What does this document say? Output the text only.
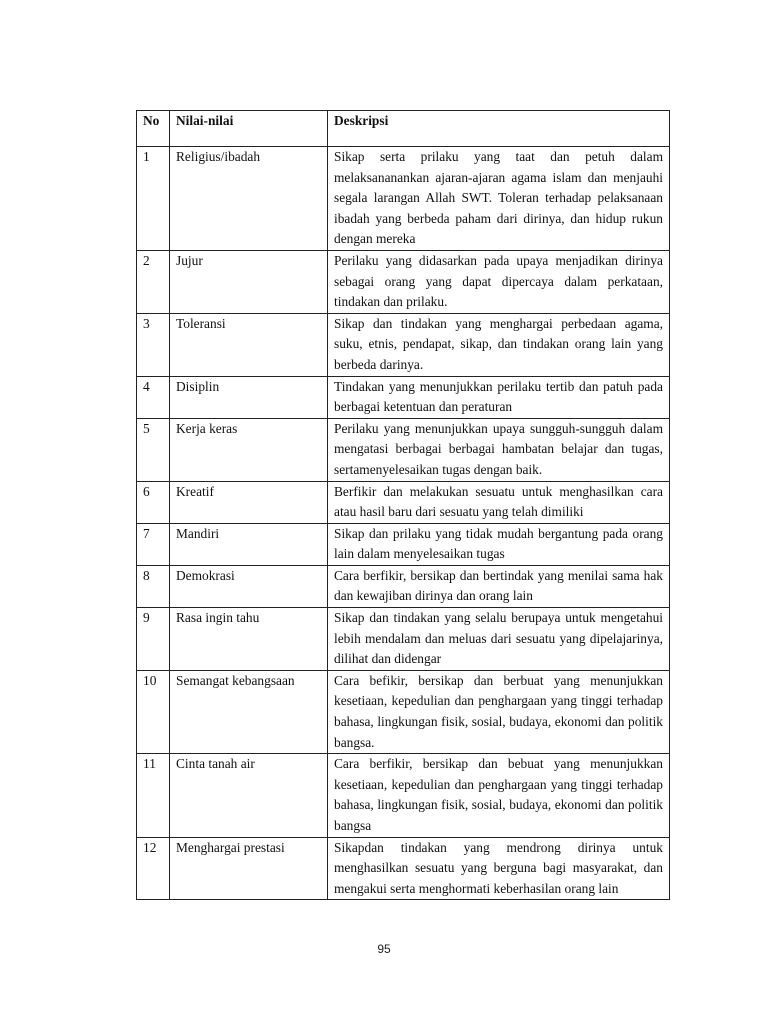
No	Nilai-nilai	Deskripsi
1	Religius/ibadah	Sikap serta prilaku yang taat dan petuh dalam melaksananankan ajaran-ajaran agama islam dan menjauhi segala larangan Allah SWT. Toleran terhadap pelaksanaan ibadah yang berbeda paham dari dirinya, dan hidup rukun dengan mereka
2	Jujur	Perilaku yang didasarkan pada upaya menjadikan dirinya sebagai orang yang dapat dipercaya dalam perkataan, tindakan dan prilaku.
3	Toleransi	Sikap dan tindakan yang menghargai perbedaan agama, suku, etnis, pendapat, sikap, dan tindakan orang lain yang berbeda darinya.
4	Disiplin	Tindakan yang menunjukkan perilaku tertib dan patuh pada berbagai ketentuan dan peraturan
5	Kerja keras	Perilaku yang menunjukkan upaya sungguh-sungguh dalam mengatasi berbagai berbagai hambatan belajar dan tugas, sertamenyelesaikan tugas dengan baik.
6	Kreatif	Berfikir dan melakukan sesuatu untuk menghasilkan cara atau hasil baru dari sesuatu yang telah dimiliki
7	Mandiri	Sikap dan prilaku yang tidak mudah bergantung pada orang lain dalam menyelesaikan tugas
8	Demokrasi	Cara berfikir, bersikap dan bertindak yang menilai sama hak dan kewajiban dirinya dan orang lain
9	Rasa ingin tahu	Sikap dan tindakan yang selalu berupaya untuk mengetahui lebih mendalam dan meluas dari sesuatu yang dipelajarinya, dilihat dan didengar
10	Semangat kebangsaan	Cara befikir, bersikap dan berbuat yang menunjukkan kesetiaan, kepedulian dan penghargaan yang tinggi terhadap bahasa, lingkungan fisik, sosial, budaya, ekonomi dan politik bangsa.
11	Cinta tanah air	Cara berfikir, bersikap dan bebuat yang menunjukkan kesetiaan, kepedulian dan penghargaan yang tinggi terhadap bahasa, lingkungan fisik, sosial, budaya, ekonomi dan politik bangsa
12	Menghargai prestasi	Sikapdan tindakan yang mendrong dirinya untuk menghasilkan sesuatu yang berguna bagi masyarakat, dan mengakui serta menghormati keberhasilan orang lain
95
